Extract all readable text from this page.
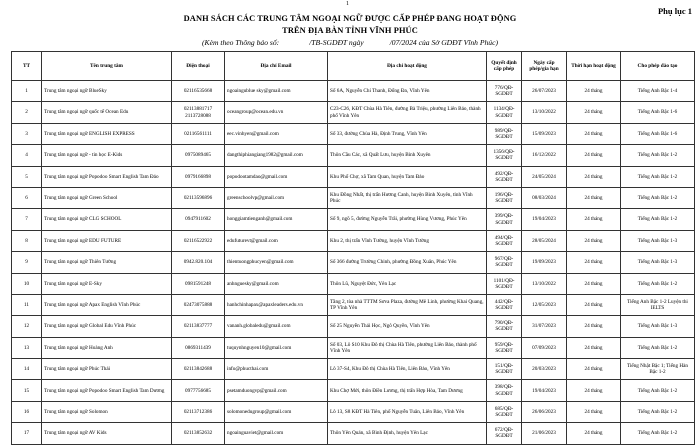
1
Phụ lục 1
DANH SÁCH CÁC TRUNG TÂM NGOẠI NGỮ ĐƯỢC CẤP PHÉP ĐANG HOẠT ĐỘNG
TRÊN ĐỊA BÀN TỈNH VĨNH PHÚC
(Kèm theo Thông báo số:	/TB-SGDĐT ngày	/07/2024 của Sở GDĐT Vĩnh Phúc)
TT	Tên trung tâm	Điện thoại	Địa chỉ Email	Địa chỉ hoạt động	Quyết định cấp phép	Ngày cấp phép/gia hạn	Thời hạn hoạt động	Cho phép đào tạo
1	Trung tâm ngoại ngữ BlueSky	02116535668	ngoaingublue sky@gmail.com	Số 6A, Nguyễn Chí Thanh, Đống Đa, Vĩnh Yên	776/QĐ-SGDĐT	26/07/2023	24 tháng	Tiếng Anh Bậc 1-4
2	Trung tâm ngoại ngữ quốc tế Ocean Edu	02113881717 2113728088	oceangroup@ocean.edu.vn	C23-C26, KĐT Chùa Hà Tiên, đường Bà Triệu, phường Liên Bảo, thành phố Vĩnh Yên	1134/QĐ-SGDĐT	13/10/2022	24 tháng	Tiếng Anh Bậc 1-6
3	Trung tâm ngoại ngữ ENGLISH EXPRESS	02116561111	eec.vinhyen@gmail.com	Số 33, đường Chùa Hà, Định Trung, Vĩnh Yên	989/QĐ-SGDĐT	15/09/2023	24 tháng	Tiếng Anh Bậc 1-6
4	Trung tâm ngoại ngữ - tin học E-Kids	0975089465	dangthiphiangiang1982@gmail.com	Thôn Cầu Các, xã Quất Lưu, huyện Bình Xuyên	1356/QĐ-SGDĐT	16/12/2022	24 tháng	Tiếng Anh Bậc 1-2
5	Trung tâm ngoại ngữ Popodoo Smart English Tam Đảo	0979166898	popodootamdao@gmail.com	Khu Phố Chợ, xã Tam Quan, huyện Tam Đảo	492/QĐ-SGDĐT	24/05/2024	24 tháng	Tiếng Anh Bậc 1-2
6	Trung tâm ngoại ngữ Green School	02113596896	greenschoolvp@gmail.com	Khu Đồng Nhất, thị trấn Hương Canh, huyện Bình Xuyên, tỉnh Vĩnh Phúc	196/QĐ-SGDĐT	08/03/2024	24 tháng	Tiếng Anh Bậc 1-2
7	Trung tâm ngoại ngữ CLG SCHOOL	0947911602	honggiamtienganh@gmail.com	Số 9, ngõ 5, đường Nguyễn Trãi, phường Hùng Vương, Phúc Yên	399/QĐ-SGDĐT	19/04/2023	24 tháng	Tiếng Anh Bậc 1-2
8	Trung tâm ngoại ngữ EDU FUTURE	02116522922	edufuturevt@gmail.com	Khu 2, thị trấn Vĩnh Tường, huyện Vĩnh Tường	494/QĐ-SGDĐT	28/05/2024	24 tháng	Tiếng Anh Bậc 1-3
9	Trung tâm ngoại ngữ Thiên Tường	0942.820.104	thientuongphucyen@gmail.com	Số 366 đường Trường Chinh, phường Đồng Xuân, Phúc Yên	967/QĐ-SGDĐT	19/09/2023	24 tháng	Tiếng Anh Bậc 1-3
10	Trung tâm ngoại ngữ E-Sky	0981591248	anhnguesky@gmail.com	Thôn Lũ, Nguyệt Đức, Yên Lạc	1101/QĐ-SGDĐT	13/10/2022	24 tháng	Tiếng Anh Bậc 1-2
11	Trung tâm ngoại ngữ Apax English Vĩnh Phúc	02473075888	hanhchinhapax@apaxleaders.edu.vn	Tầng 2, tòa nhà TTTM Sơva Plaza, đường Mê Linh, phường Khai Quang, TP Vĩnh Yên	442/QĐ-SGDĐT	12/05/2023	24 tháng	Tiếng Anh Bậc 1-2 Luyện thi IELTS
12	Trung tâm ngoại ngữ Global Edu Vĩnh Phúc	02113837777	vananh.globaledu@gmail.com	Số 25 Nguyễn Thái Học, Ngô Quyền, Vĩnh Yên	790/QĐ-SGDĐT	31/07/2023	24 tháng	Tiếng Anh Bậc 1-3
13	Trung tâm ngoại ngữ Hoàng Anh	0869311439	tuquynhnguyen10@gmail.com	Số 03, Lô S10 Khu Đô thị Chùa Hà Tiên, phường Liên Bảo, thành phố Vĩnh Yên	959/QĐ-SGDĐT	07/09/2023	24 tháng	Tiếng Anh Bậc 1-2
14	Trung tâm ngoại ngữ Phúc Thái	02113842688	info@phucthai.com	Lô 37-S4, Khu Đô thị Chùa Hà Tiên, Liên Bảo, Vĩnh Yên	151/QĐ-SGDĐT	20/03/2023	24 tháng	Tiếng Nhật Bậc 1; Tiếng Hàn Bậc 1-2
15	Trung tâm ngoại ngữ Popodoo Smart English Tam Dương	0977756685	psetamduongvp@gmail.com	Khu Chợ Mới, thôn Điền Lương, thị trấn Hợp Hòa, Tam Dương	398/QĐ-SGDĐT	19/04/2023	24 tháng	Tiếng Anh Bậc 1-2
16	Trung tâm ngoại ngữ Solomon	02113712386	solomonedugroup@gmail.com	Lô 13, S8 KĐT Hà Tiên, phố Nguyễn Tuân, Liên Bảo, Vĩnh Yên	685/QĐ-SGDĐT	26/06/2023	24 tháng	Tiếng Anh Bậc 1-2
17	Trung tâm ngoại ngữ AV Kids	02113852632	ngoainguaviet@gmail.com	Thôn Yên Quán, xã Bình Định, huyện Yên Lạc	672/QĐ-SGDĐT	21/06/2023	24 tháng	Tiếng Anh Bậc 1-2
